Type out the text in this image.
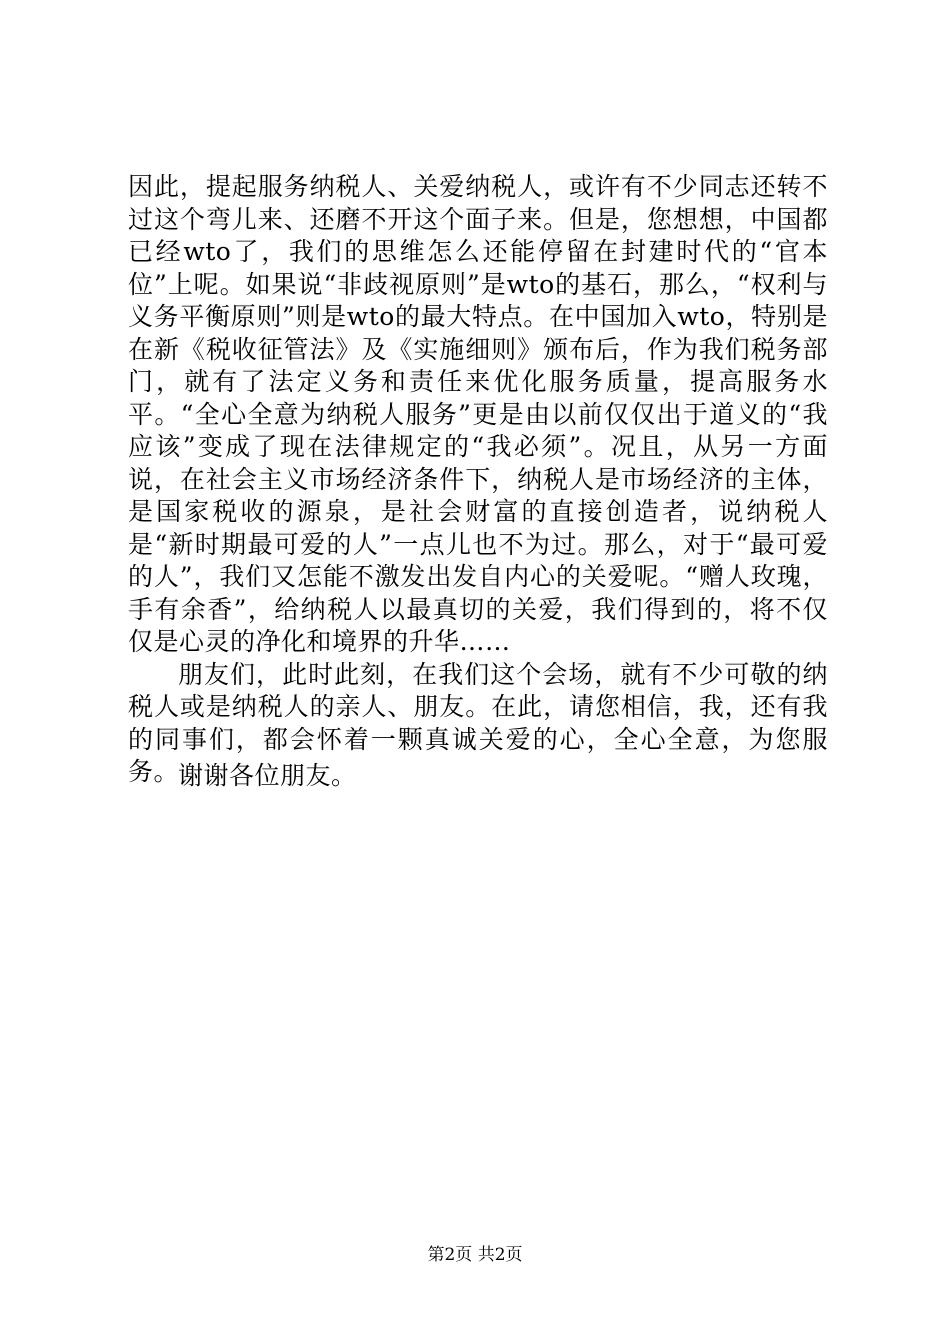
因此，提起服务纳税人、关爱纳税人，或许有不少同志还转不过这个弯儿来、还磨不开这个面子来。但是，您想想，中国都已经wto了，我们的思维怎么还能停留在封建时代的“官本位”上呢。如果说“非歧视原则”是wto的基石，那么，“权利与义务平衡原则”则是wto的最大特点。在中国加入wto，特别是在新《税收征管法》及《实施细则》颁布后，作为我们税务部门，就有了法定义务和责任来优化服务质量，提高服务水平。“全心全意为纳税人服务”更是由以前仅仅出于道义的“我应该”变成了现在法律规定的“我必须”。况且，从另一方面说，在社会主义市场经济条件下，纳税人是市场经济的主体，是国家税收的源泉，是社会财富的直接创造者，说纳税人是“新时期最可爱的人”一点儿也不为过。那么，对于“最可爱的人”，我们又怎能不激发出发自内心的关爱呢。“赠人玫瑰，手有余香”，给纳税人以最真切的关爱，我们得到的，将不仅仅是心灵的净化和境界的升华……

朋友们，此时此刻，在我们这个会场，就有不少可敬的纳税人或是纳税人的亲人、朋友。在此，请您相信，我，还有我的同事们，都会怀着一颗真诚关爱的心，全心全意，为您服务。

谢谢各位朋友。
第2页 共2页
